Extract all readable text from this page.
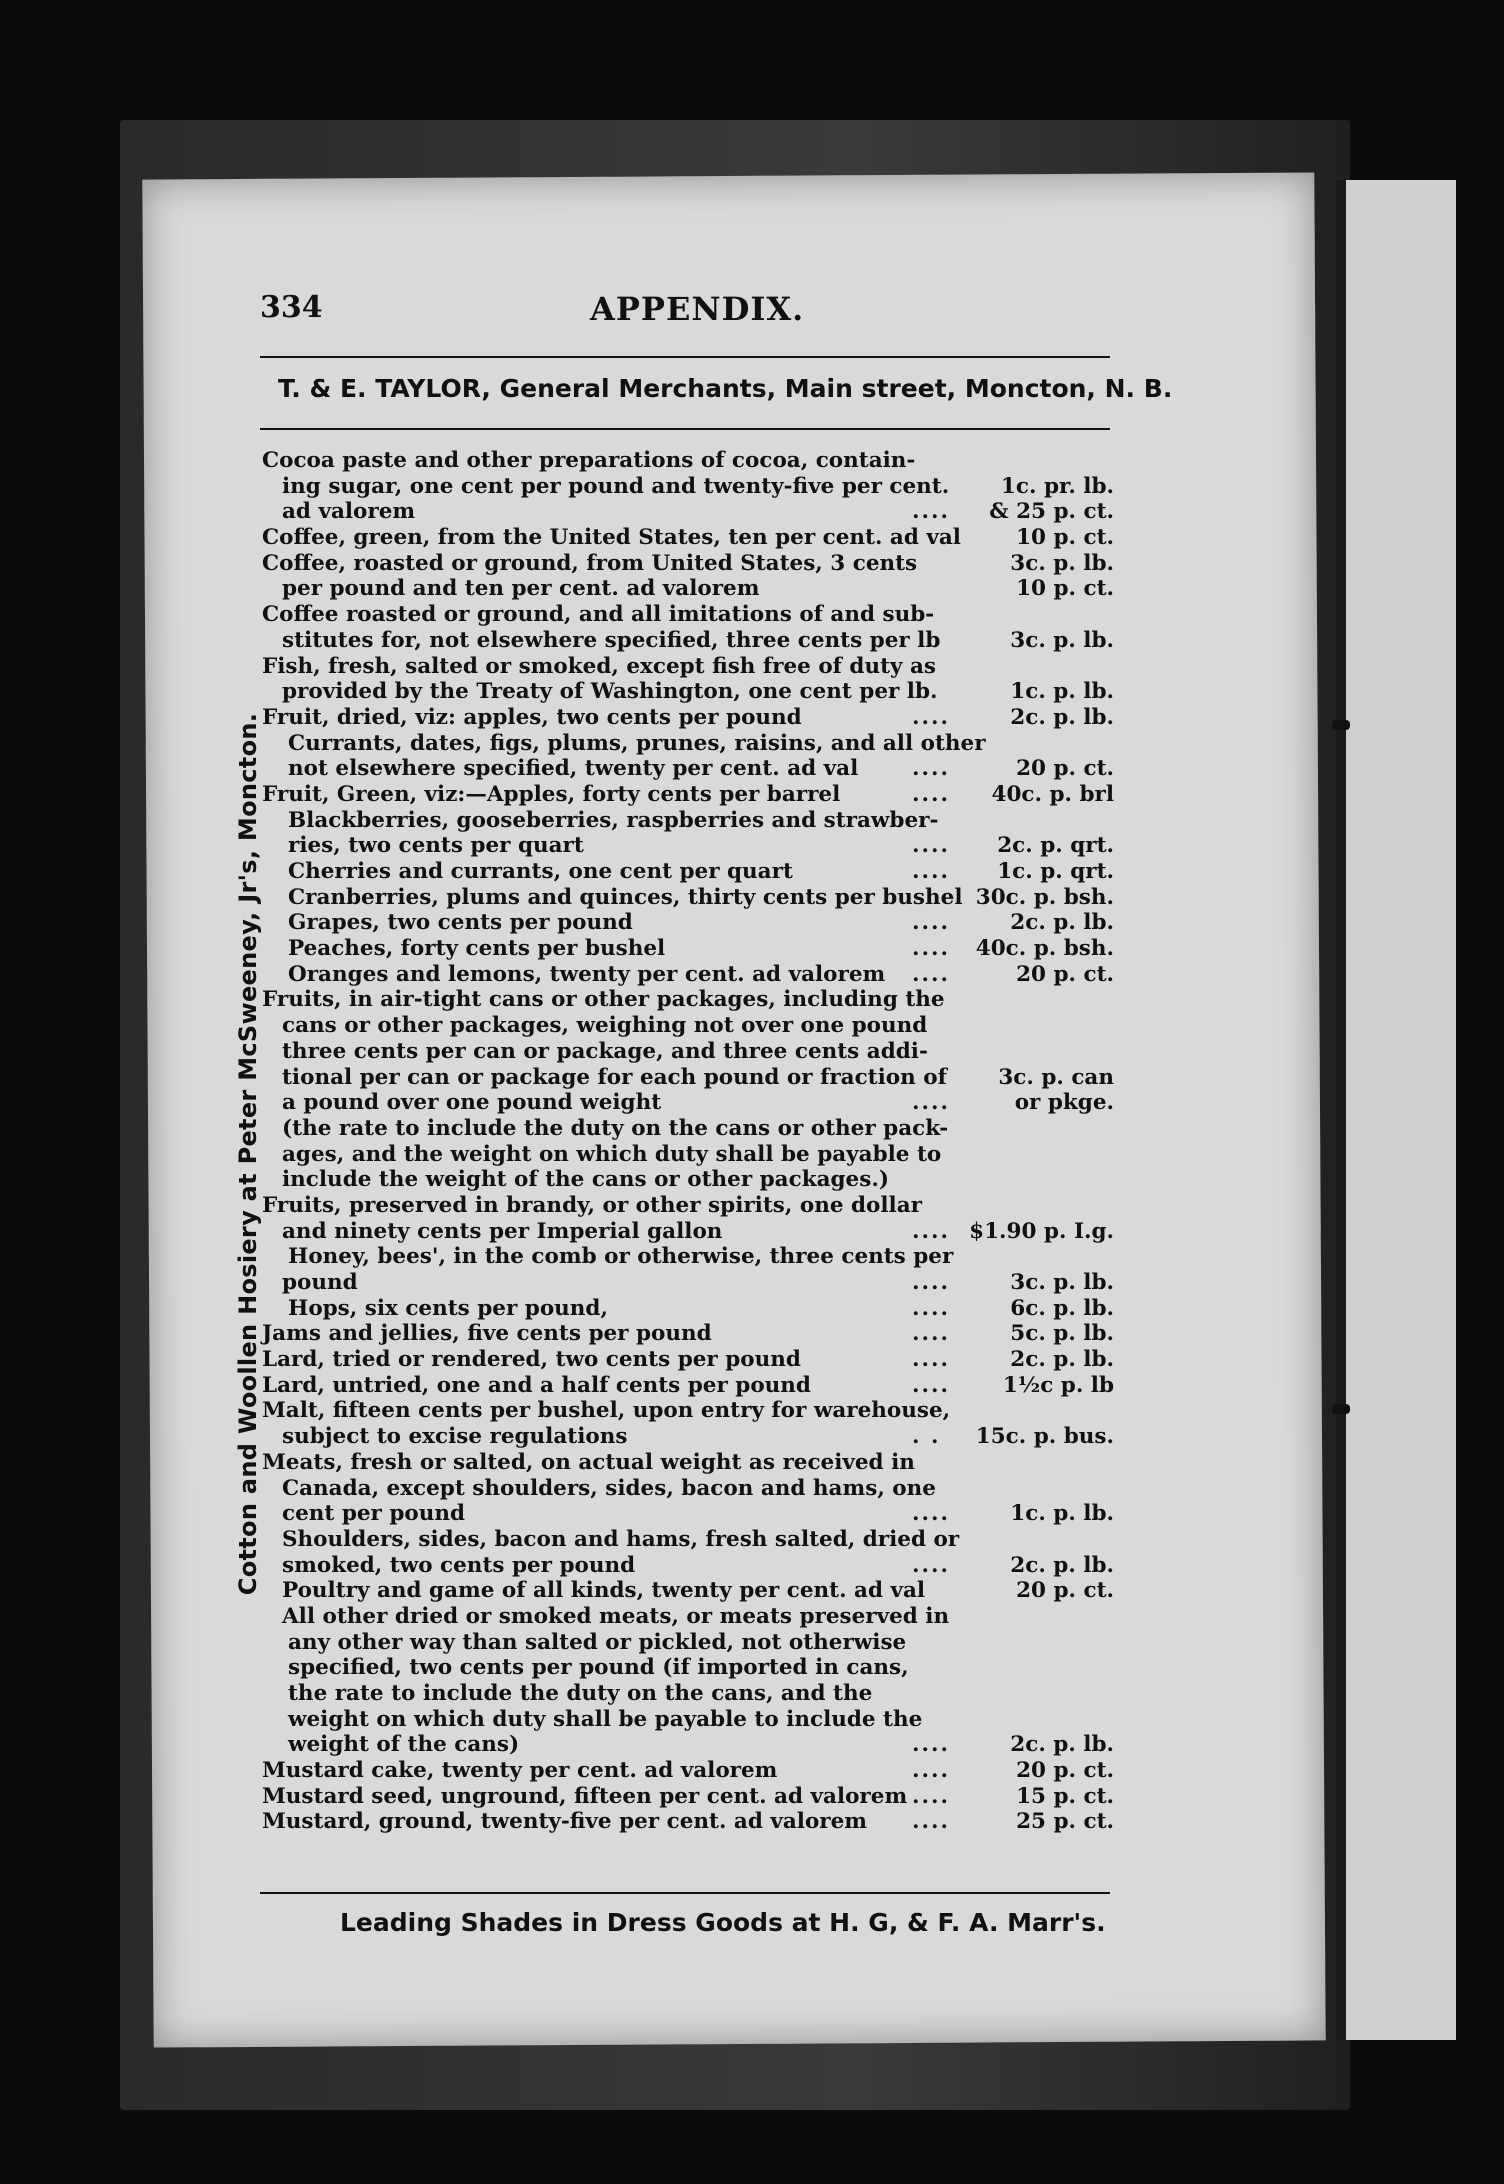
334	APPENDIX.
T. & E. TAYLOR, General Merchants, Main street, Moncton, N. B.
Cotton and Woollen Hosiery at Peter McSweeney, Jr's, Moncton.
Cocoa paste and other preparations of cocoa, contain-
ing sugar, one cent per pound and twenty-five per cent. 1c. pr. lb.
ad valorem	.... & 25 p. ct.
Coffee, green, from the United States, ten per cent. ad val	10 p. ct.
Coffee, roasted or ground, from United States, 3 cents	3c. p. lb.
per pound and ten per cent. ad valorem	10 p. ct.
Coffee roasted or ground, and all imitations of and sub-
stitutes for, not elsewhere specified, three cents per lb	3c. p. lb.
Fish, fresh, salted or smoked, except fish free of duty as
provided by the Treaty of Washington, one cent per lb.	1c. p. lb.
Fruit, dried, viz: apples, two cents per pound	....	2c. p. lb.
Currants, dates, figs, plums, prunes, raisins, and all other
not elsewhere specified, twenty per cent. ad val	....	20 p. ct.
Fruit, Green, viz:—Apples, forty cents per barrel	.... 40c. p. brl
Blackberries, gooseberries, raspberries and strawber-
ries, two cents per quart	.... 2c. p. qrt.
Cherries and currants, one cent per quart	.... 1c. p. qrt.
Cranberries, plums and quinces, thirty cents per bushel 30c. p. bsh.
Grapes, two cents per pound	....	2c. p. lb.
Peaches, forty cents per bushel	.... 40c. p. bsh.
Oranges and lemons, twenty per cent. ad valorem ....	20 p. ct.
Fruits, in air-tight cans or other packages, including the
cans or other packages, weighing not over one pound
three cents per can or package, and three cents addi-
tional per can or package for each pound or fraction of 3c. p. can
a pound over one pound weight	....	or pkge.
(the rate to include the duty on the cans or other pack-
ages, and the weight on which duty shall be payable to
include the weight of the cans or other packages.)
Fruits, preserved in brandy, or other spirits, one dollar
and ninety cents per Imperial gallon	.... $1.90 p. I.g.
Honey, bees', in the comb or otherwise, three cents per
pound	....	3c. p. lb.
Hops, six cents per pound,	....	6c. p. lb.
Jams and jellies, five cents per pound	....	5c. p. lb.
Lard, tried or rendered, two cents per pound	....	2c. p. lb.
Lard, untried, one and a half cents per pound	.... 1½c p. lb
Malt, fifteen cents per bushel, upon entry for warehouse,
subject to excise regulations	. . 15c. p. bus.
Meats, fresh or salted, on actual weight as received in
Canada, except shoulders, sides, bacon and hams, one
cent per pound	....	1c. p. lb.
Shoulders, sides, bacon and hams, fresh salted, dried or
smoked, two cents per pound	....	2c. p. lb.
Poultry and game of all kinds, twenty per cent. ad val	20 p. ct.
All other dried or smoked meats, or meats preserved in
any other way than salted or pickled, not otherwise
specified, two cents per pound (if imported in cans,
the rate to include the duty on the cans, and the
weight on which duty shall be payable to include the
weight of the cans)	....	2c. p. lb.
Mustard cake, twenty per cent. ad valorem	....	20 p. ct.
Mustard seed, unground, fifteen per cent. ad valorem ....	15 p. ct.
Mustard, ground, twenty-five per cent. ad valorem ....	25 p. ct.
Leading Shades in Dress Goods at H. G, & F. A. Marr's.
